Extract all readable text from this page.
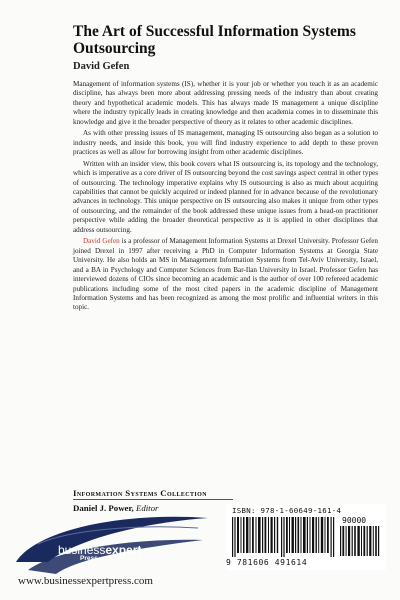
The Art of Successful Information Systems Outsourcing
David Gefen

Management of information systems (IS), whether it is your job or whether you teach it as an academic discipline, has always been more about addressing pressing needs of the industry than about creating theory and hypothetical academic models. This has always made IS management a unique discipline where the industry typically leads in creating knowledge and then academia comes in to disseminate this knowledge and give it the broader perspective of theory as it relates to other academic disciplines.

As with other pressing issues of IS management, managing IS outsourcing also began as a solution to industry needs, and inside this book, you will find industry experience to add depth to these proven practices as well as allow for borrowing insight from other academic disciplines.

Written with an insider view, this book covers what IS outsourcing is, its topology and the technology, which is imperative as a core driver of IS outsourcing beyond the cost savings aspect central in other types of outsourcing. The technology imperative explains why IS outsourcing is also as much about acquiring capabilities that cannot be quickly acquired or indeed planned for in advance because of the revolutionary advances in technology. This unique perspective on IS outsourcing also makes it unique from other types of outsourcing, and the remainder of the book addressed these unique issues from a head-on practitioner perspective while adding the broader theoretical perspective as it is applied in other disciplines that address outsourcing.

David Gefen is a professor of Management Information Systems at Drexel University. Professor Gefen joined Drexel in 1997 after receiving a PhD in Computer Information Systems at Georgia State University. He also holds an MS in Management Information Systems from Tel-Aviv University, Israel, and a BA in Psychology and Computer Sciences from Bar-Ilan University in Israel. Professor Gefen has interviewed dozens of CIOs since becoming an academic and is the author of over 100 refereed academic publications including some of the most cited papers in the academic discipline of Management Information Systems and has been recognized as among the most prolific and influential writers in this topic.

Information Systems Collection
Daniel J. Power, Editor
businessexpert
Press
www.businessexpertpress.com
ISBN: 978-1-60649-161-4
90000
9 781606 491614
